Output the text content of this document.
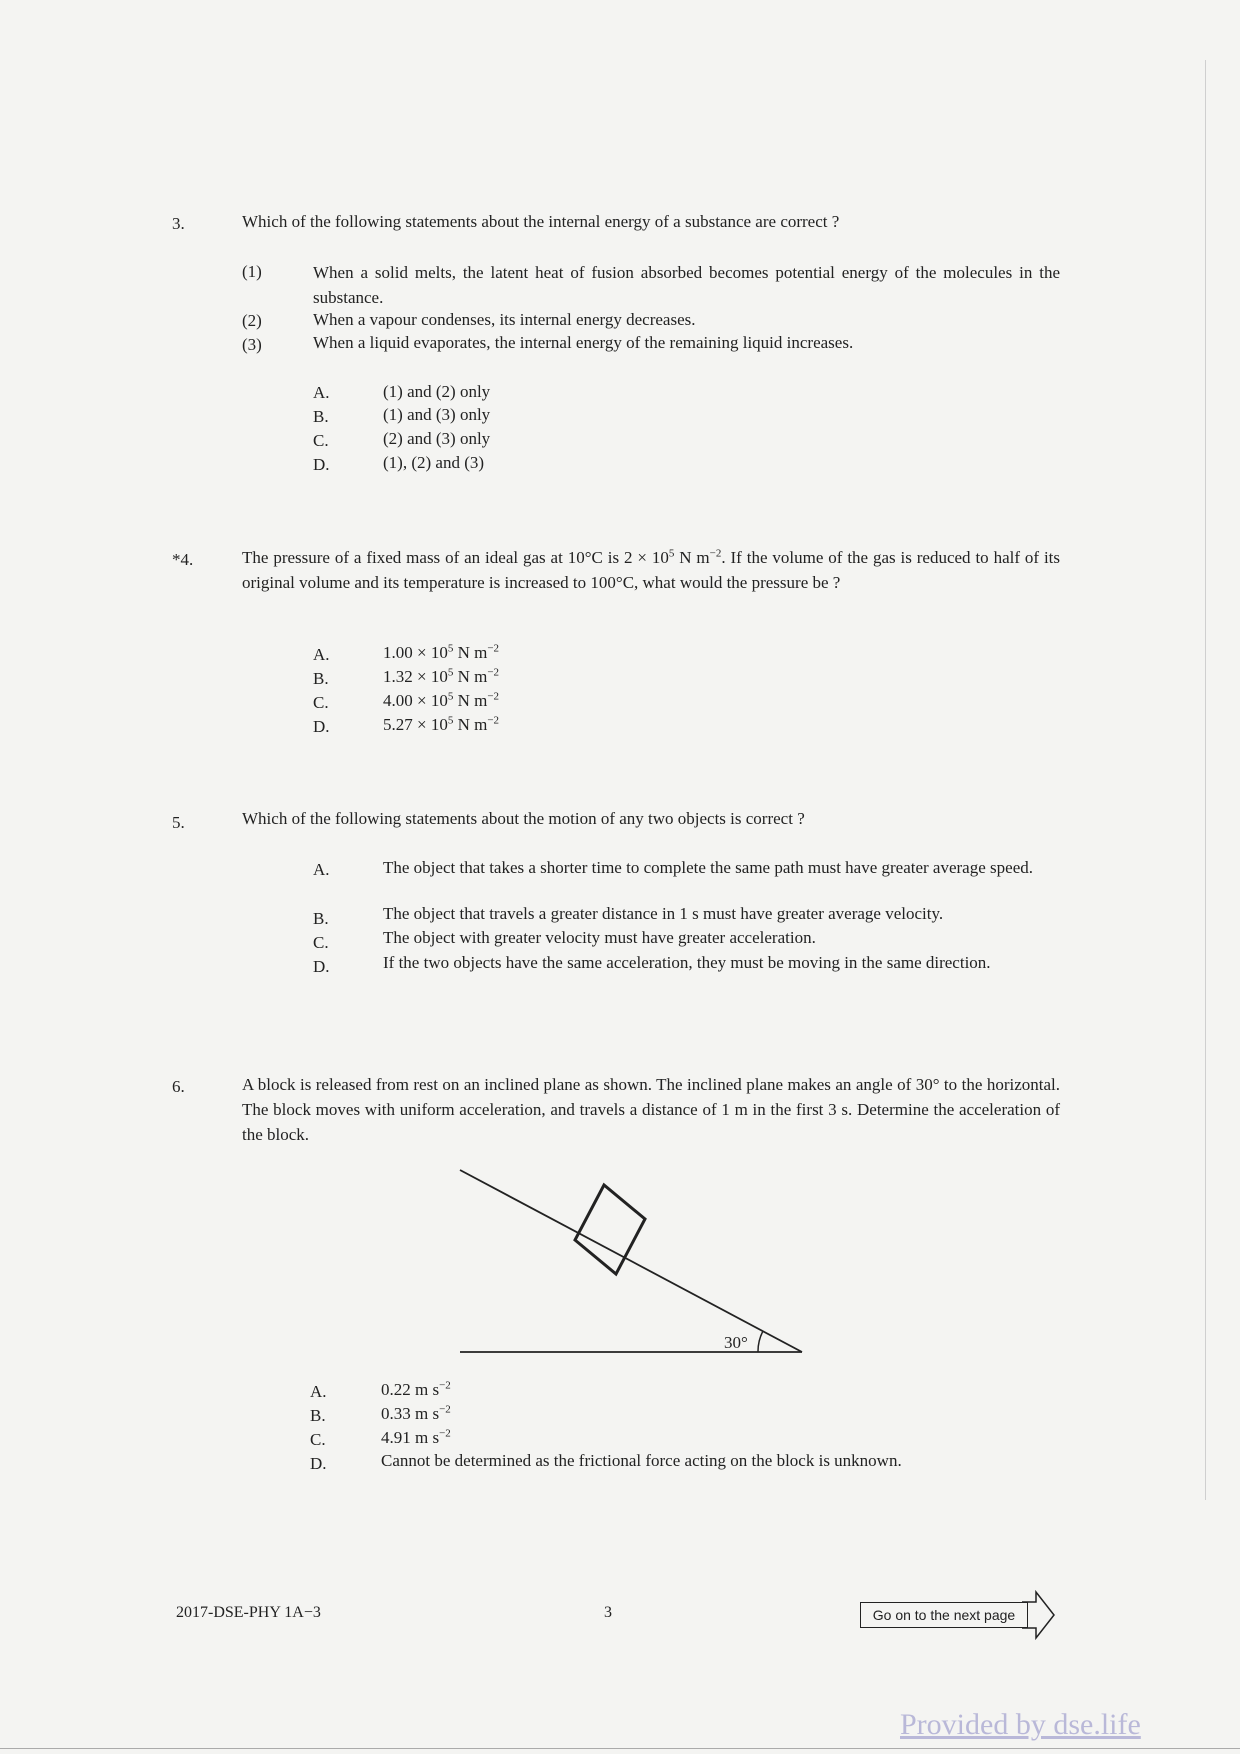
3.	Which of the following statements about the internal energy of a substance are correct ?
(1)	When a solid melts, the latent heat of fusion absorbed becomes potential energy of the molecules in the substance.
(2)	When a vapour condenses, its internal energy decreases.
(3)	When a liquid evaporates, the internal energy of the remaining liquid increases.
A.	(1) and (2) only
B.	(1) and (3) only
C.	(2) and (3) only
D.	(1), (2) and (3)
*4.	The pressure of a fixed mass of an ideal gas at 10°C is $2 \times 10^5$ N $m^{-2}$. If the volume of the gas is reduced to half of its original volume and its temperature is increased to 100°C, what would the pressure be ?
A.	$1.00 \times 10^5$ N $m^{-2}$
B.	$1.32 \times 10^5$ N $m^{-2}$
C.	$4.00 \times 10^5$ N $m^{-2}$
D.	$5.27 \times 10^5$ N $m^{-2}$
5.	Which of the following statements about the motion of any two objects is correct ?
A.	The object that takes a shorter time to complete the same path must have greater average speed.
B.	The object that travels a greater distance in 1 s must have greater average velocity.
C.	The object with greater velocity must have greater acceleration.
D.	If the two objects have the same acceleration, they must be moving in the same direction.
6.	A block is released from rest on an inclined plane as shown. The inclined plane makes an angle of 30° to the horizontal. The block moves with uniform acceleration, and travels a distance of 1 m in the first 3 s. Determine the acceleration of the block.
30°
A.	0.22 m $s^{-2}$
B.	0.33 m $s^{-2}$
C.	4.91 m $s^{-2}$
D.	Cannot be determined as the frictional force acting on the block is unknown.
2017-DSE-PHY 1A−3	3	Go on to the next page
Provided by dse.life
